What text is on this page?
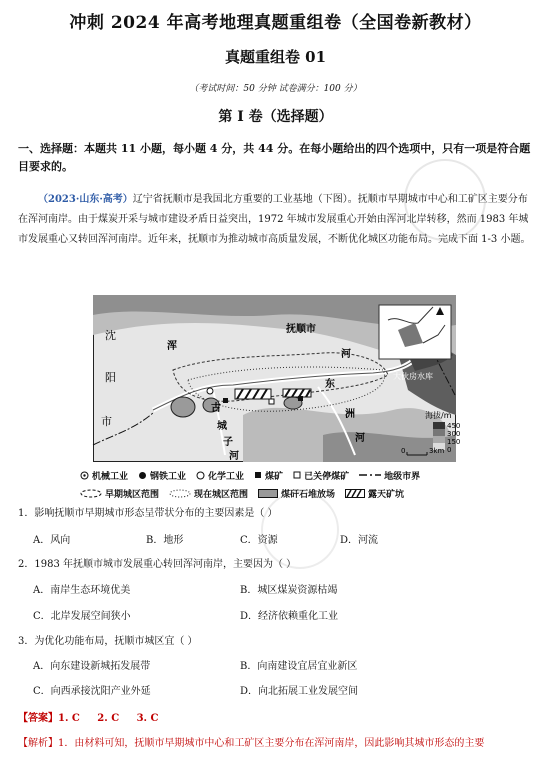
冲刺 2024 年高考地理真题重组卷（全国卷新教材）
真题重组卷 01
（考试时间：50 分钟 试卷满分：100 分）
第 I 卷（选择题）
一、选择题：本题共 11 小题，每小题 4 分，共 44 分。在每小题给出的四个选项中，只有一项是符合题目要求的。
（2023·山东·高考）辽宁省抚顺市是我国北方重要的工业基地（下图）。抚顺市早期城市中心和工矿区主要分布在浑河南岸。由于煤炭开采与城市建设矛盾日益突出，1972 年城市发展重心开始由浑河北岸转移，然而 1983 年城市发展重心又转回浑河南岸。近年来，抚顺市为推动城市高质量发展，不断优化城区功能布局。完成下面 1-3 小题。
沈
阳
市
浑
抚顺市
河
东
洲
河
古
城
子
河
大伙房水库
海拔/m
450
300
150
0
0	3km
机械工业 钢铁工业 化学工业 煤矿 已关停煤矿	地级市界
早期城区范围	现在城区范围	煤矸石堆放场	露天矿坑
1．影响抚顺市早期城市形态呈带状分布的主要因素是（ ）
A．风向	B．地形	C．资源	D．河流
2．1983 年抚顺市城市发展重心转回浑河南岸，主要因为（ ）
A．南岸生态环境优美	B．城区煤炭资源枯竭
C．北岸发展空间狭小	D．经济依赖重化工业
3．为优化功能布局，抚顺市城区宜（ ）
A．向东建设新城拓发展带	B．向南建设宜居宜业新区
C．向西承接沈阳产业外延	D．向北拓展工业发展空间
【答案】1. C     2. C     3. C
【解析】1．由材料可知，抚顺市早期城市中心和工矿区主要分布在浑河南岸，因此影响其城市形态的主要
